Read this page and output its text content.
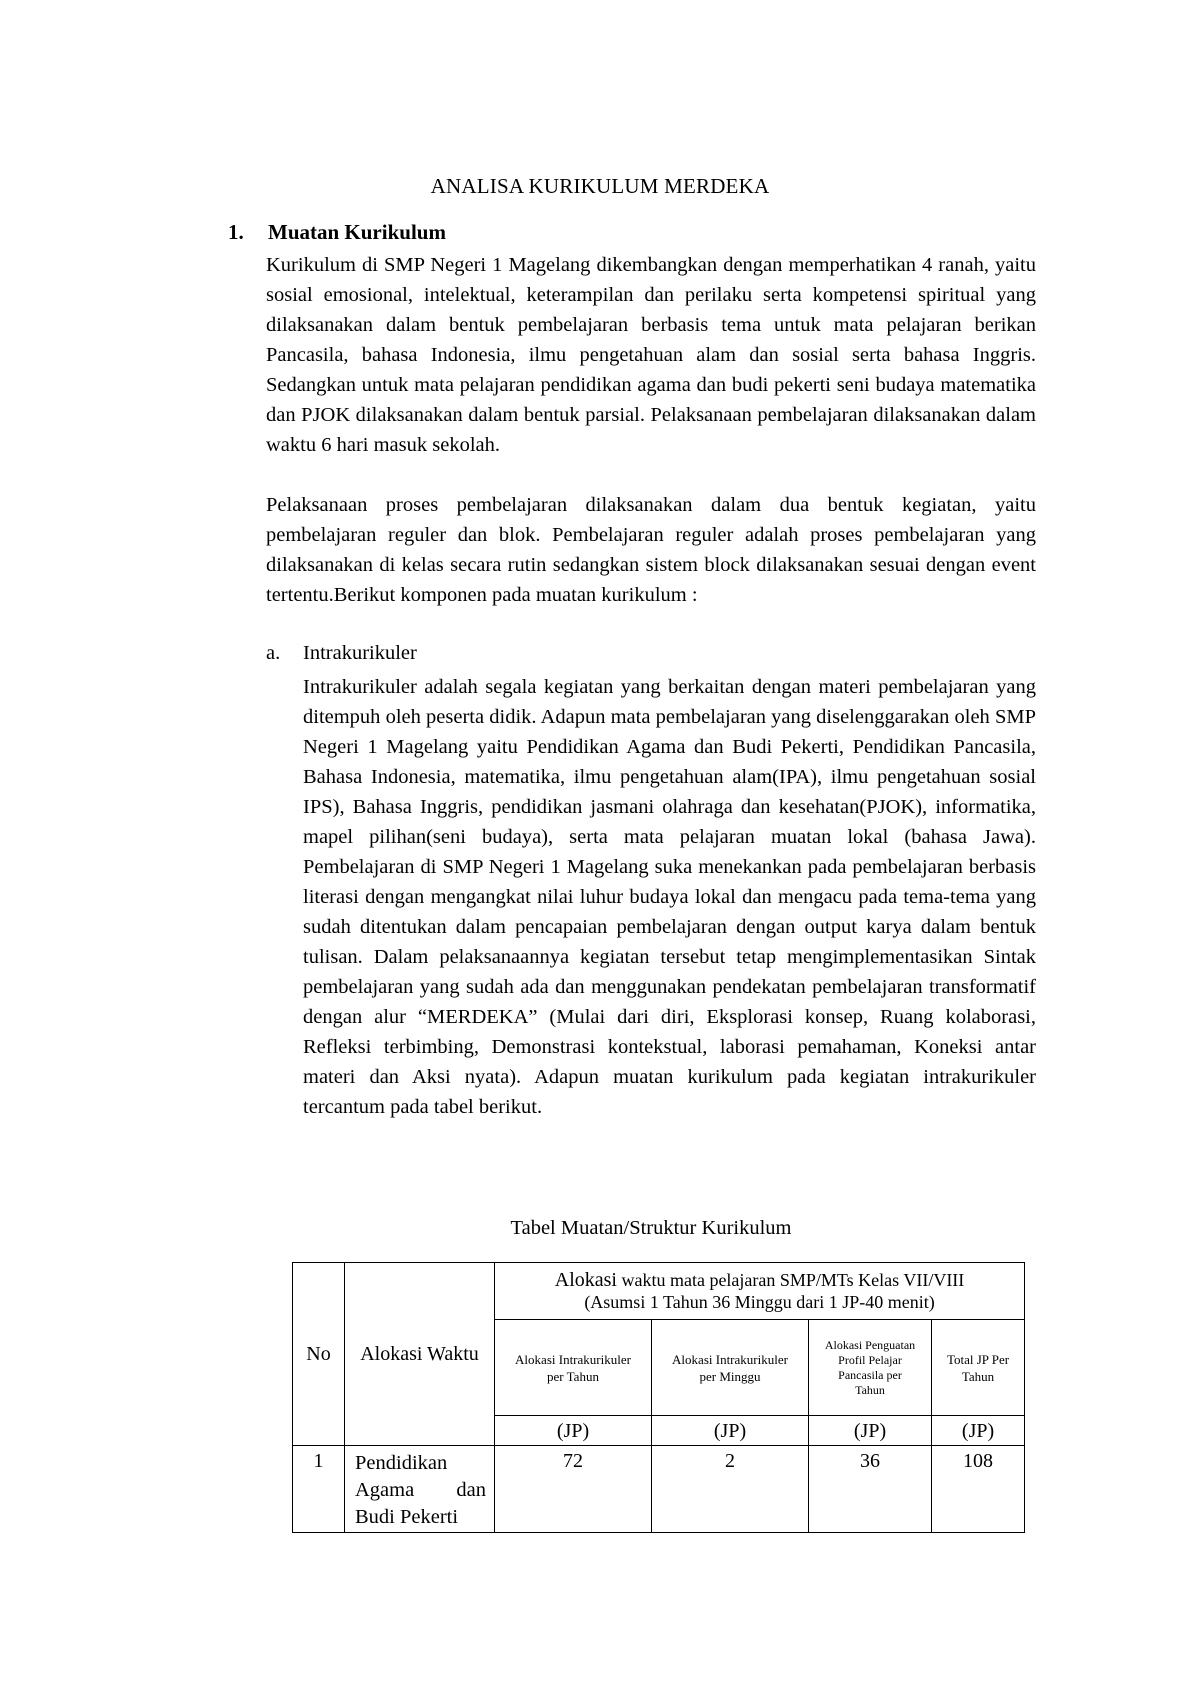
ANALISA KURIKULUM MERDEKA
1. Muatan Kurikulum
Kurikulum di SMP Negeri 1 Magelang dikembangkan dengan memperhatikan 4 ranah, yaitu sosial emosional, intelektual, keterampilan dan perilaku serta kompetensi spiritual yang dilaksanakan dalam bentuk pembelajaran berbasis tema untuk mata pelajaran berikan Pancasila, bahasa Indonesia, ilmu pengetahuan alam dan sosial serta bahasa Inggris. Sedangkan untuk mata pelajaran pendidikan agama dan budi pekerti seni budaya matematika dan PJOK dilaksanakan dalam bentuk parsial. Pelaksanaan pembelajaran dilaksanakan dalam waktu 6 hari masuk sekolah.
Pelaksanaan proses pembelajaran dilaksanakan dalam dua bentuk kegiatan, yaitu pembelajaran reguler dan blok. Pembelajaran reguler adalah proses pembelajaran yang dilaksanakan di kelas secara rutin sedangkan sistem block dilaksanakan sesuai dengan event tertentu.Berikut komponen pada muatan kurikulum :
a. Intrakurikuler
Intrakurikuler adalah segala kegiatan yang berkaitan dengan materi pembelajaran yang ditempuh oleh peserta didik. Adapun mata pembelajaran yang diselenggarakan oleh SMP Negeri 1 Magelang yaitu Pendidikan Agama dan Budi Pekerti, Pendidikan Pancasila, Bahasa Indonesia, matematika, ilmu pengetahuan alam(IPA), ilmu pengetahuan sosial IPS), Bahasa Inggris, pendidikan jasmani olahraga dan kesehatan(PJOK), informatika, mapel pilihan(seni budaya), serta mata pelajaran muatan lokal (bahasa Jawa). Pembelajaran di SMP Negeri 1 Magelang suka menekankan pada pembelajaran berbasis literasi dengan mengangkat nilai luhur budaya lokal dan mengacu pada tema-tema yang sudah ditentukan dalam pencapaian pembelajaran dengan output karya dalam bentuk tulisan. Dalam pelaksanaannya kegiatan tersebut tetap mengimplementasikan Sintak pembelajaran yang sudah ada dan menggunakan pendekatan pembelajaran transformatif dengan alur “MERDEKA” (Mulai dari diri, Eksplorasi konsep, Ruang kolaborasi, Refleksi terbimbing, Demonstrasi kontekstual, laborasi pemahaman, Koneksi antar materi dan Aksi nyata). Adapun muatan kurikulum pada kegiatan intrakurikuler tercantum pada tabel berikut.
Tabel Muatan/Struktur Kurikulum
No	Alokasi Waktu	Alokasi waktu mata pelajaran SMP/MTs Kelas VII/VIII
(Asumsi 1 Tahun 36 Minggu dari 1 JP-40 menit)			

		Alokasi Intrakurikuler per Tahun	Alokasi Intrakurikuler per Minggu	Alokasi Penguatan Profil Pelajar Pancasila per Tahun	Total JP Per Tahun
		(JP)	(JP)	(JP)	(JP)
1	Pendidikan Agama dan Budi Pekerti	72	2	36	108
